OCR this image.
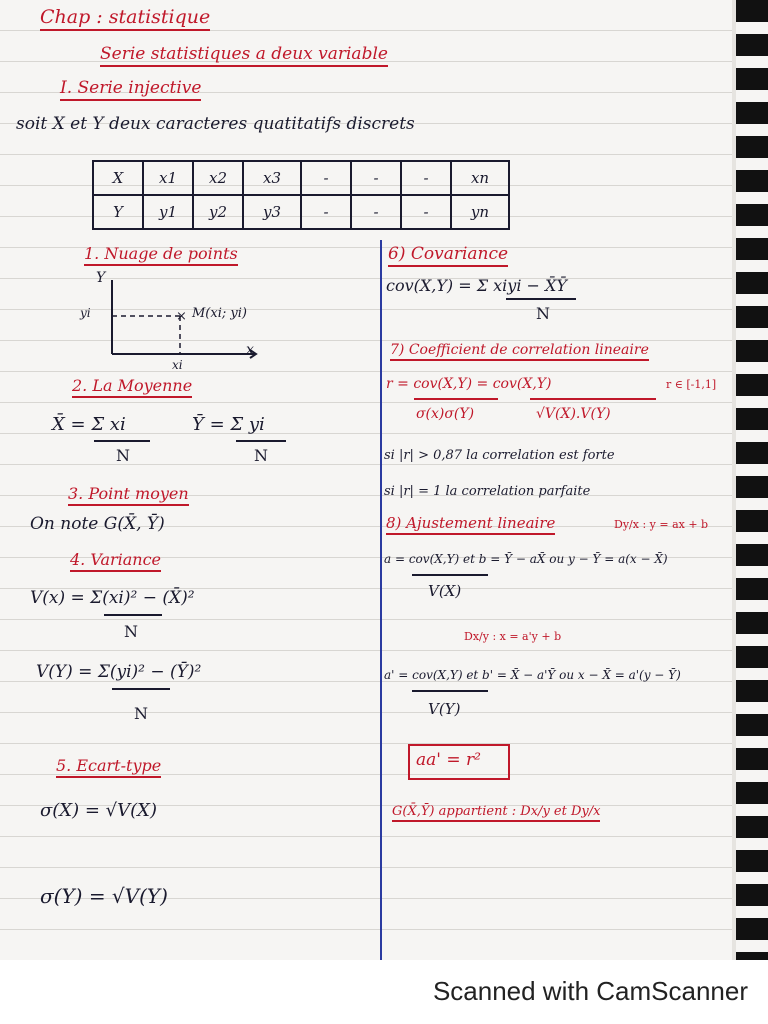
Chap : statistique
Serie statistiques a deux variable
I. Serie injective
soit X et Y deux caracteres quatitatifs discrets
X	x1	x2	x3	-	-	-	xn
Y	y1	y2	y3	-	-	-	yn
1. Nuage de points
×
Y
x
yi
xi
M(xi; yi)
2. La Moyenne
X̄ = Σ xi	Ȳ = Σ yi
N	N
3. Point moyen
On note G(X̄, Ȳ)
4. Variance
V(x) = Σ(xi)² − (X̄)²
N
V(Y) = Σ(yi)² − (Ȳ)²
N
5. Ecart-type
σ(X) = √V(X)
σ(Y) = √V(Y)
6) Covariance
cov(X,Y) = Σ xiyi − X̄Ȳ
N
7) Coefficient de correlation lineaire
r = cov(X,Y) = cov(X,Y)
σ(x)σ(Y)	√V(X).V(Y)
r ∈ [-1,1]
si |r| > 0,87 la correlation est forte
si |r| = 1 la correlation parfaite
8) Ajustement lineaire	Dy/x : y = ax + b
a = cov(X,Y) et b = Ȳ − aX̄ ou y − Ȳ = a(x − X̄)
V(X)
Dx/y : x = a'y + b
a' = cov(X,Y) et b' = X̄ − a'Ȳ ou x − X̄ = a'(y − Ȳ)
V(Y)
aa' = r²
G(X̄,Ȳ) appartient : Dx/y et Dy/x
Scanned with CamScanner
